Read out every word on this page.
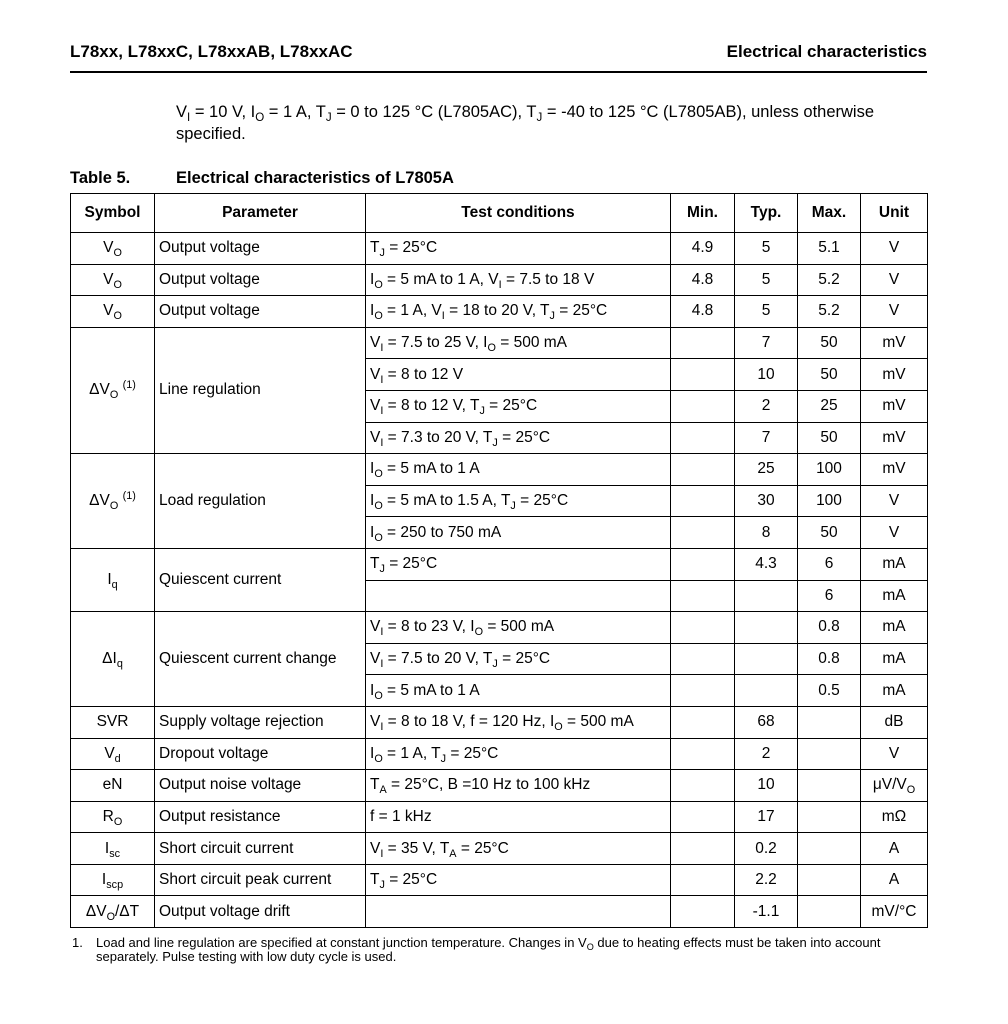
L78xx, L78xxC, L78xxAB, L78xxAC	Electrical characteristics
$V_I = 10$ V, $I_O = 1$ A, $T_J = 0$ to 125 °C (L7805AC), $T_J = -40$ to 125 °C (L7805AB), unless otherwise specified.
Table 5.	Electrical characteristics of L7805A
Symbol	Parameter	Test conditions	Min.	Typ.	Max.	Unit
$V_O$	Output voltage	$T_J = 25^\circ C$	4.9	5	5.1	V
$V_O$	Output voltage	$I_O = 5$ mA to 1 A, $V_I = 7.5$ to 18 V	4.8	5	5.2	V
$V_O$	Output voltage	$I_O = 1$ A, $V_I = 18$ to 20 V, $T_J = 25^\circ C$	4.8	5	5.2	V
$\Delta V_O$ $^{(1)}$	Line regulation	$V_I = 7.5$ to 25 V, $I_O = 500$ mA		7	50	mV
		$V_I = 8$ to 12 V		10	50	mV
		$V_I = 8$ to 12 V, $T_J = 25^\circ C$		2	25	mV
		$V_I = 7.3$ to 20 V, $T_J = 25^\circ C$		7	50	mV
$\Delta V_O$ $^{(1)}$	Load regulation	$I_O = 5$ mA to 1 A		25	100	mV
		$I_O = 5$ mA to 1.5 A, $T_J = 25^\circ C$		30	100	V
		$I_O = 250$ to 750 mA		8	50	V
$I_q$	Quiescent current	$T_J = 25^\circ C$		4.3	6	mA
					6	mA
$\Delta I_q$	Quiescent current change	$V_I = 8$ to 23 V, $I_O = 500$ mA			0.8	mA
		$V_I = 7.5$ to 20 V, $T_J = 25^\circ C$			0.8	mA
		$I_O = 5$ mA to 1 A			0.5	mA
SVR	Supply voltage rejection	$V_I = 8$ to 18 V, f = 120 Hz, $I_O = 500$ mA		68		dB
$V_d$	Dropout voltage	$I_O = 1$ A, $T_J = 25^\circ C$		2		V
eN	Output noise voltage	$T_A = 25^\circ C$, B =10 Hz to 100 kHz		10		$\mu V/V_O$
$R_O$	Output resistance	f = 1 kHz		17		mΩ
$I_{sc}$	Short circuit current	$V_I = 35$ V, $T_A = 25^\circ C$		0.2		A
$I_{scp}$	Short circuit peak current	$T_J = 25^\circ C$		2.2		A
$\Delta V_O/\Delta T$	Output voltage drift			-1.1		mV/°C
1. Load and line regulation are specified at constant junction temperature. Changes in $V_O$ due to heating effects must be taken into account separately. Pulse testing with low duty cycle is used.
